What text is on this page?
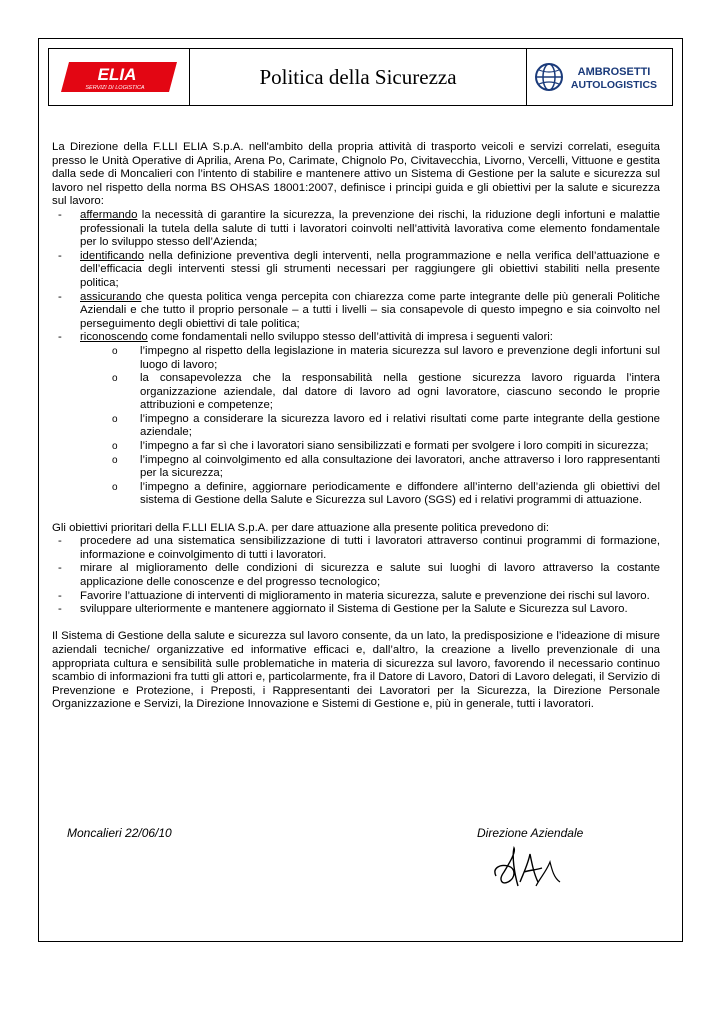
ELIA
SERVIZI DI LOGISTICA	Politica della Sicurezza	AMBROSETTI
AUTOLOGISTICS

La Direzione della F.LLI ELIA S.p.A. nell'ambito della propria attività di trasporto veicoli e servizi correlati, eseguita presso le Unità Operative di Aprilia, Arena Po, Carimate, Chignolo Po, Civitavecchia, Livorno, Vercelli, Vittuone e gestita dalla sede di Moncalieri con l’intento di stabilire e mantenere attivo un Sistema di Gestione per la salute e sicurezza sul lavoro nel rispetto della norma BS OHSAS 18001:2007, definisce i principi guida e gli obiettivi per la salute e sicurezza sul lavoro:

-	affermando la necessità di garantire la sicurezza, la prevenzione dei rischi, la riduzione degli infortuni e malattie professionali la tutela della salute di tutti i lavoratori coinvolti nell’attività lavorativa come elemento fondamentale per lo sviluppo stesso dell’Azienda;
-	identificando nella definizione preventiva degli interventi, nella programmazione e nella verifica dell’attuazione e dell’efficacia degli interventi stessi gli strumenti necessari per raggiungere gli obiettivi stabiliti nella presente politica;
-	assicurando che questa politica venga percepita con chiarezza come parte integrante delle più generali Politiche Aziendali e che tutto il proprio personale – a tutti i livelli – sia consapevole di questo impegno e sia coinvolto nel perseguimento degli obiettivi di tale politica;
-	riconoscendo come fondamentali nello sviluppo stesso dell’attività di impresa i seguenti valori:
o	l’impegno al rispetto della legislazione in materia sicurezza sul lavoro e prevenzione degli infortuni sul luogo di lavoro;
o	la consapevolezza che la responsabilità nella gestione sicurezza lavoro riguarda l’intera organizzazione aziendale, dal datore di lavoro ad ogni lavoratore, ciascuno secondo le proprie attribuzioni e competenze;
o	l’impegno a considerare la sicurezza lavoro ed i relativi risultati come parte integrante della gestione aziendale;
o	l’impegno a far sì che i lavoratori siano sensibilizzati e formati per svolgere i loro compiti in sicurezza;
o	l’impegno al coinvolgimento ed alla consultazione dei lavoratori, anche attraverso i loro rappresentanti per la sicurezza;
o	l’impegno a definire, aggiornare periodicamente e diffondere all’interno dell’azienda gli obiettivi del sistema di Gestione della Salute e Sicurezza sul Lavoro (SGS) ed i relativi programmi di attuazione.

Gli obiettivi prioritari della F.LLI ELIA S.p.A. per dare attuazione alla presente politica prevedono di:

-	procedere ad una sistematica sensibilizzazione di tutti i lavoratori attraverso continui programmi di formazione, informazione e coinvolgimento di tutti i lavoratori.
-	mirare al miglioramento delle condizioni di sicurezza e salute sui luoghi di lavoro attraverso la costante applicazione delle conoscenze e del progresso tecnologico;
-	Favorire l’attuazione di interventi di miglioramento in materia sicurezza, salute e prevenzione dei rischi sul lavoro.
-	sviluppare ulteriormente e mantenere aggiornato il Sistema di Gestione per la Salute e Sicurezza sul Lavoro.

Il Sistema di Gestione della salute e sicurezza sul lavoro consente, da un lato, la predisposizione e l’ideazione di misure aziendali tecniche/ organizzative ed informative efficaci e, dall’altro, la creazione a livello prevenzionale di una appropriata cultura e sensibilità sulle problematiche in materia di sicurezza sul lavoro, favorendo il necessario continuo scambio di informazioni fra tutti gli attori e, particolarmente, fra il Datore di Lavoro, Datori di Lavoro delegati, il Servizio di Prevenzione e Protezione, i Preposti, i Rappresentanti dei Lavoratori per la Sicurezza, la Direzione Personale Organizzazione e Servizi, la Direzione Innovazione e Sistemi di Gestione e, più in generale, tutti i lavoratori.

Moncalieri 22/06/10	Direzione Aziendale
